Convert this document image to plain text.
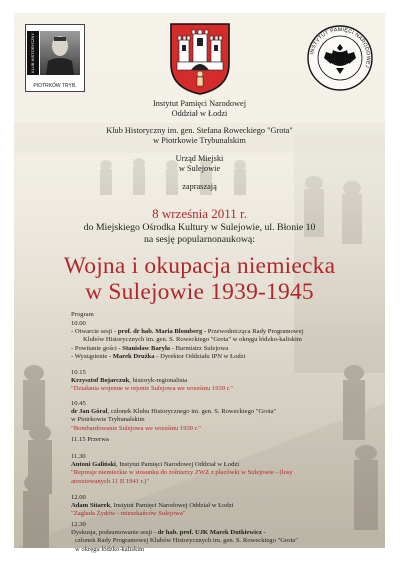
KLUB HISTORYCZNY
PIOTRKÓW TRYB.
INSTYTUT PAMIĘCI NARODOWEJ
Instytut Pamięci Narodowej
Oddział w Łodzi
Klub Historyczny im. gen. Stefana Roweckiego "Grota"
w Piotrkowie Trybunalskim
Urząd Miejski
w Sulejowie
zapraszają
8 września 2011 r.
do Miejskiego Ośrodka Kultury w Sulejowie, ul. Błonie 10
na sesję popularnonaukową:
Wojna i okupacja niemiecka
w Sulejowie 1939-1945
Program
10.00
- Otwarcie sesji - prof. dr hab. Maria Blomberg - Przewodnicząca Rady Programowej
Klubów Historycznych im. gen. S. Roweckiego "Grota" w okręgu łódzko-kaliskim
- Powitanie gości - Stanisław Baryła - Burmistrz Sulejowa
- Wystąpienie - Marek Drużka - Dyrektor Oddziału IPN w Łodzi
10.15
Krzysztof Bojarczuk, historyk-regionalista
"Działania wojenne w rejonie Sulejowa we wrześniu 1939 r."
10.45
dr Jan Góral, członek Klubu Historycznego im. gen. S. Roweckiego "Grota"
w Piotrkowie Trybunalskim
"Bombardowanie Sulejowa we wrześniu 1939 r."
11.15 Przerwa
11.30
Antoni Galiński, Instytut Pamięci Narodowej Oddział w Łodzi
"Represje niemieckie w stosunku do żołnierzy ZWZ z placówki w Sulejowie - (losy
aresztowanych 11 II 1941 r.)"
12.00
Adam Sitarek, Instytut Pamięci Narodowej Oddział w Łodzi
"Zagłada Żydów - mieszkańców Sulejowa"
12.30
Dyskusja, podsumowanie sesji - dr hab. prof. UJK Marek Dutkiewicz -
członek Rady Programowej Klubów Historycznych im. gen. S. Roweckiego "Grota"
w okręgu łódzko-kaliskim
